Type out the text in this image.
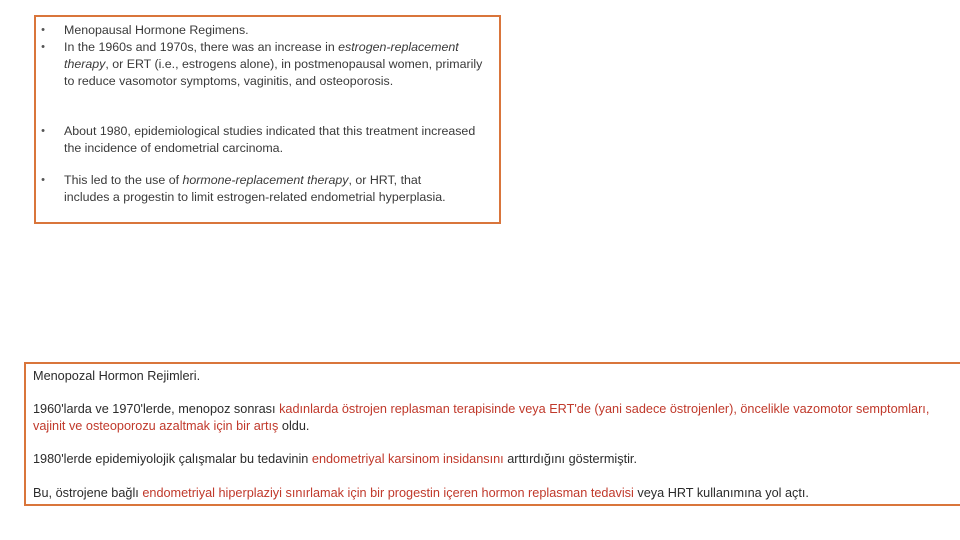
•	Menopausal Hormone Regimens.
•	In the 1960s and 1970s, there was an increase in estrogen-replacement therapy, or ERT (i.e., estrogens alone), in postmenopausal women, primarily to reduce vasomotor symptoms, vaginitis, and osteoporosis.
•	About 1980, epidemiological studies indicated that this treatment increased the incidence of endometrial carcinoma.
•	This led to the use of hormone-replacement therapy, or HRT, that includes a progestin to limit estrogen-related endometrial hyperplasia.

Menopozal Hormon Rejimleri.

1960'larda ve 1970'lerde, menopoz sonrası kadınlarda östrojen replasman terapisinde veya ERT'de (yani sadece östrojenler), öncelikle vazomotor semptomları, vajinit ve osteoporozu azaltmak için bir artış oldu.

1980'lerde epidemiyolojik çalışmalar bu tedavinin endometriyal karsinom insidansını arttırdığını göstermiştir.

Bu, östrojene bağlı endometriyal hiperplaziyi sınırlamak için bir progestin içeren hormon replasman tedavisi veya HRT kullanımına yol açtı.
